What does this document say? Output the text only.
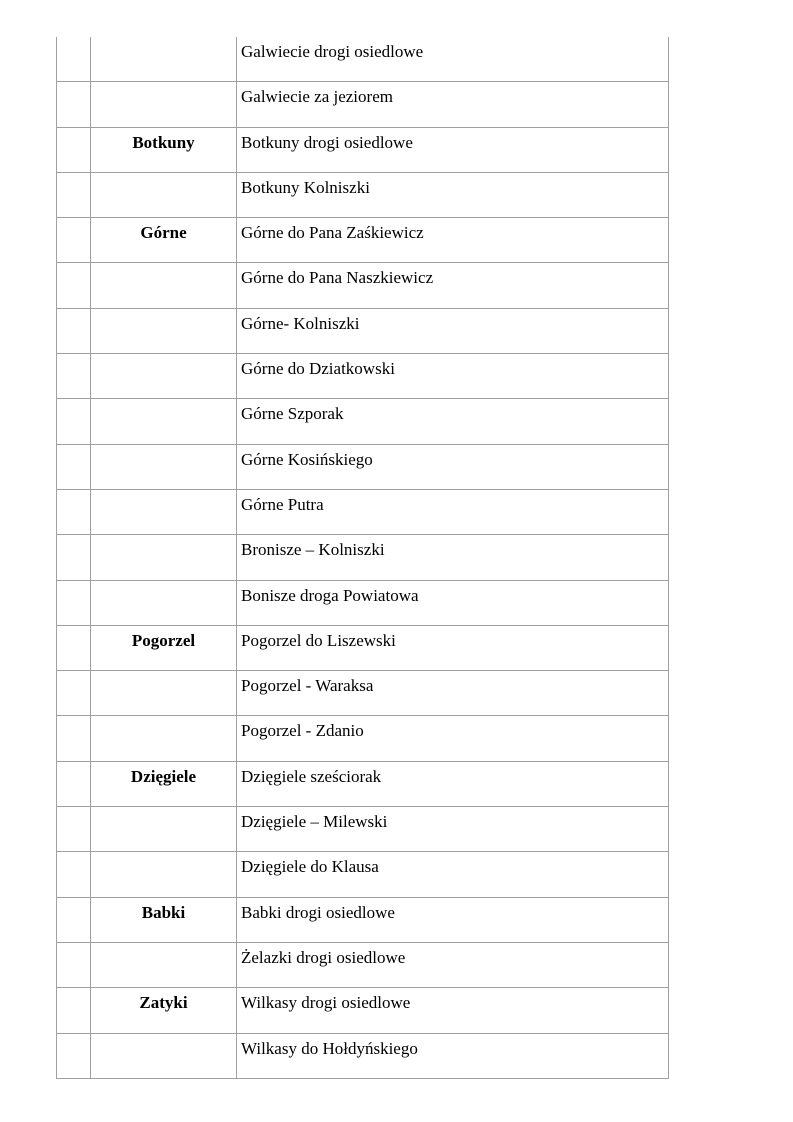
		Galwiecie drogi osiedlowe
		Galwiecie za jeziorem
	Botkuny	Botkuny drogi osiedlowe
		Botkuny Kolniszki
	Górne	Górne do Pana Zaśkiewicz
		Górne do Pana Naszkiewicz
		Górne- Kolniszki
		Górne do Dziatkowski
		Górne Szporak
		Górne Kosińskiego
		Górne Putra
		Bronisze – Kolniszki
		Bonisze droga Powiatowa
	Pogorzel	Pogorzel do Liszewski
		Pogorzel - Waraksa
		Pogorzel - Zdanio
	Dzięgiele	Dzięgiele sześciorak
		Dzięgiele – Milewski
		Dzięgiele do Klausa
	Babki	Babki drogi osiedlowe
		Żelazki drogi osiedlowe
	Zatyki	Wilkasy drogi osiedlowe
		Wilkasy do Hołdyńskiego
